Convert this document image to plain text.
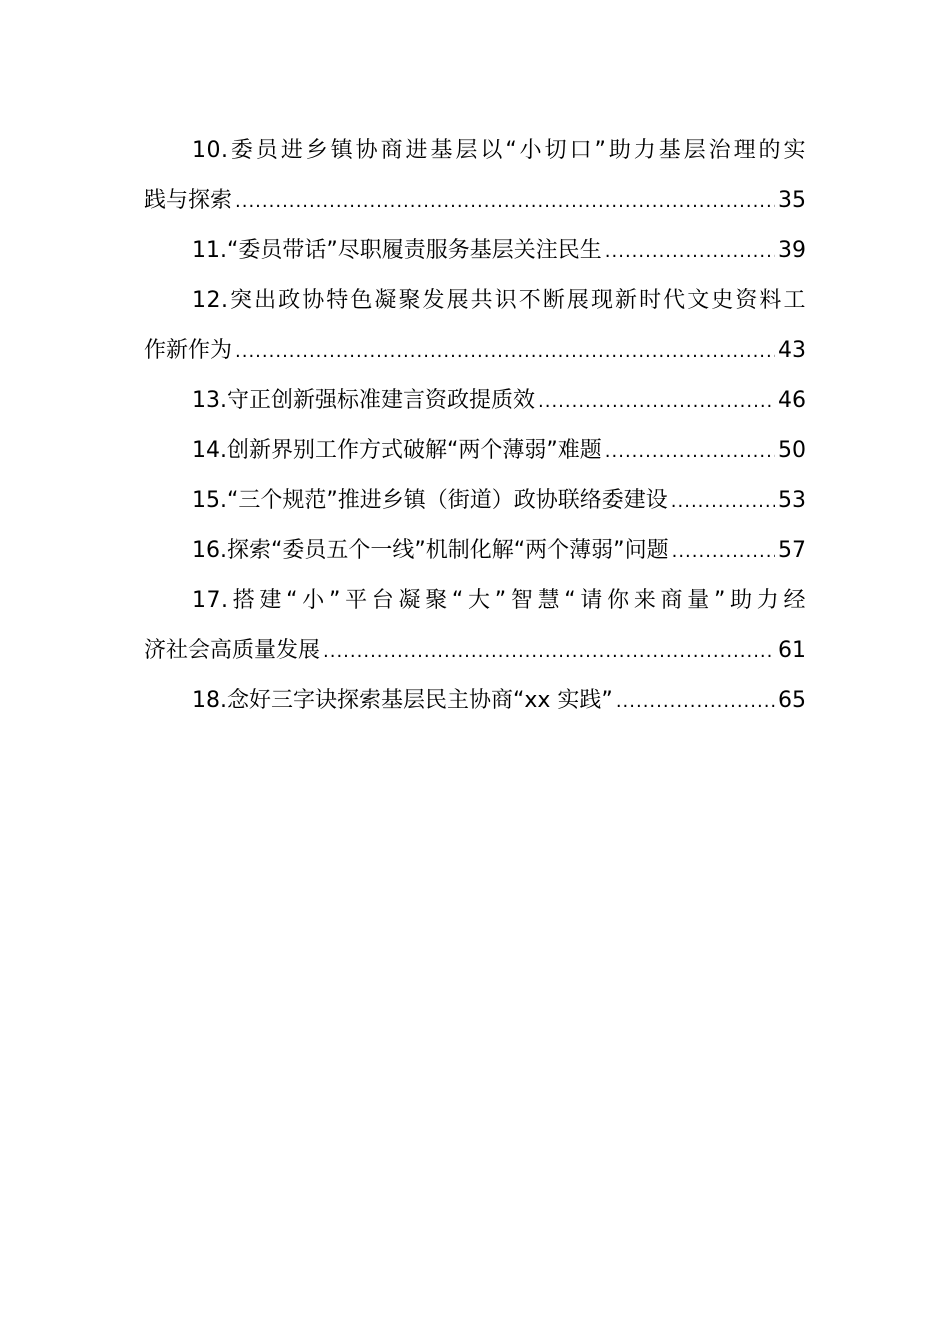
10.委员进乡镇协商进基层以“小切口”助力基层治理的实
践与探索 .....	35
11.“委员带话”尽职履责服务基层关注民生 .....	39
12.突出政协特色凝聚发展共识不断展现新时代文史资料工
作新作为 .....	43
13.守正创新强标准建言资政提质效 .....	46
14.创新界别工作方式破解“两个薄弱”难题 .....	50
15.“三个规范”推进乡镇（街道）政协联络委建设 .....	53
16.探索“委员五个一线”机制化解“两个薄弱”问题 .....	57
17.搭建“小”平台凝聚“大”智慧“请你来商量”助力经
济社会高质量发展 .....	61
18.念好三字诀探索基层民主协商“xx 实践” .....	65
